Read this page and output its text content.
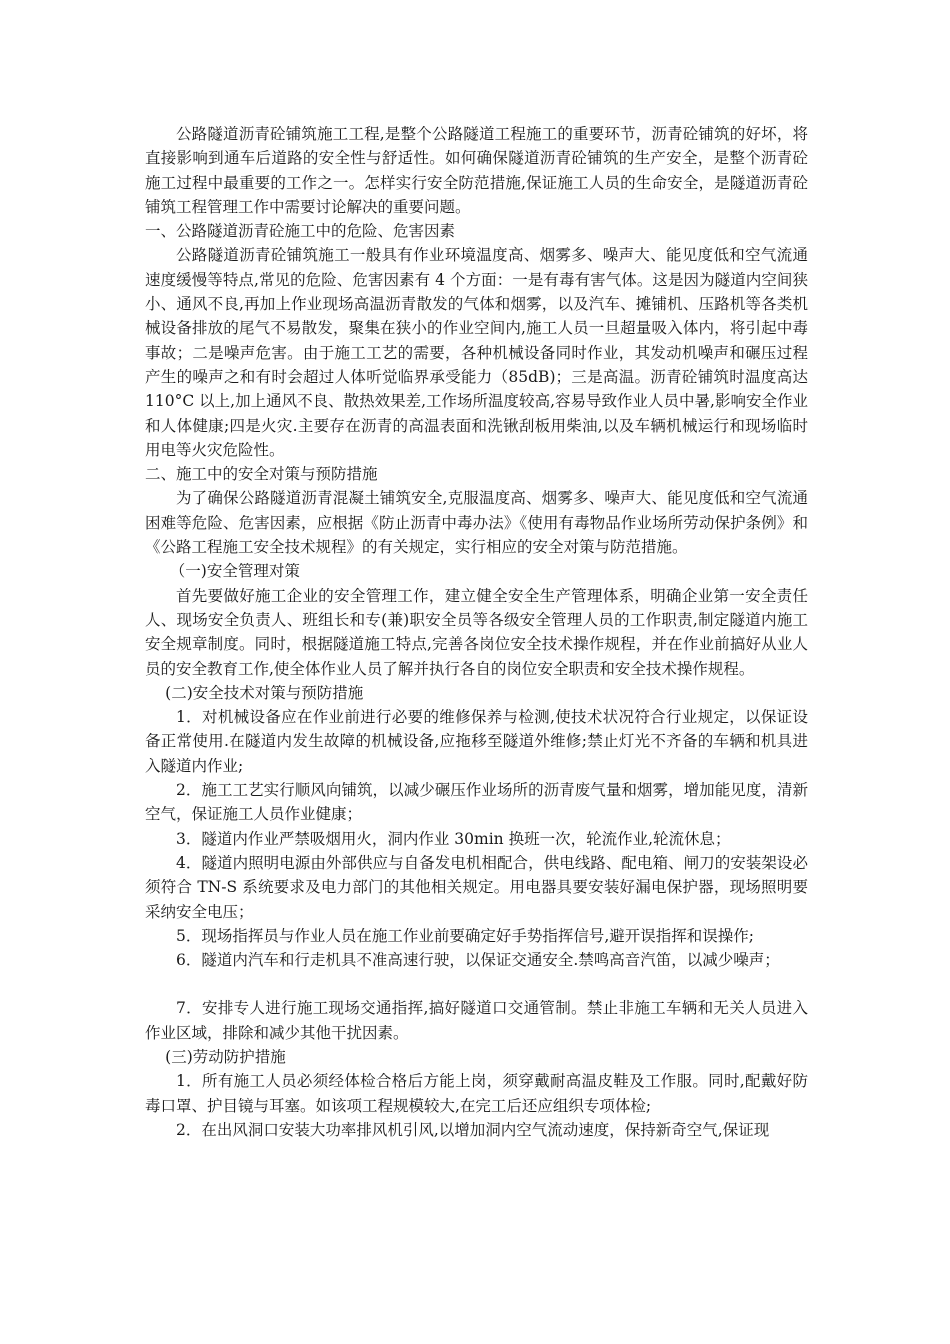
公路隧道沥青砼铺筑施工工程,是整个公路隧道工程施工的重要环节，沥青砼铺筑的好坏，将直接影响到通车后道路的安全性与舒适性。如何确保隧道沥青砼铺筑的生产安全，是整个沥青砼施工过程中最重要的工作之一。怎样实行安全防范措施,保证施工人员的生命安全，是隧道沥青砼铺筑工程管理工作中需要讨论解决的重要问题。

一、公路隧道沥青砼施工中的危险、危害因素

公路隧道沥青砼铺筑施工一般具有作业环境温度高、烟雾多、噪声大、能见度低和空气流通速度缓慢等特点,常见的危险、危害因素有 4 个方面：一是有毒有害气体。这是因为隧道内空间狭小、通风不良,再加上作业现场高温沥青散发的气体和烟雾，以及汽车、摊铺机、压路机等各类机械设备排放的尾气不易散发，聚集在狭小的作业空间内,施工人员一旦超量吸入体内，将引起中毒事故；二是噪声危害。由于施工工艺的需要，各种机械设备同时作业，其发动机噪声和碾压过程产生的噪声之和有时会超过人体听觉临界承受能力（85dB)；三是高温。沥青砼铺筑时温度高达 110°C 以上,加上通风不良、散热效果差,工作场所温度较高,容易导致作业人员中暑,影响安全作业和人体健康;四是火灾.主要存在沥青的高温表面和洗锹刮板用柴油,以及车辆机械运行和现场临时用电等火灾危险性。

二、施工中的安全对策与预防措施

为了确保公路隧道沥青混凝土铺筑安全,克服温度高、烟雾多、噪声大、能见度低和空气流通困难等危险、危害因素，应根据《防止沥青中毒办法》《使用有毒物品作业场所劳动保护条例》和《公路工程施工安全技术规程》的有关规定，实行相应的安全对策与防范措施。

（一)安全管理对策

首先要做好施工企业的安全管理工作，建立健全安全生产管理体系，明确企业第一安全责任人、现场安全负责人、班组长和专(兼)职安全员等各级安全管理人员的工作职责,制定隧道内施工安全规章制度。同时，根据隧道施工特点,完善各岗位安全技术操作规程，并在作业前搞好从业人员的安全教育工作,使全体作业人员了解并执行各自的岗位安全职责和安全技术操作规程。

(二)安全技术对策与预防措施

1．对机械设备应在作业前进行必要的维修保养与检测,使技术状况符合行业规定，以保证设备正常使用.在隧道内发生故障的机械设备,应拖移至隧道外维修;禁止灯光不齐备的车辆和机具进入隧道内作业;

2．施工工艺实行顺风向铺筑，以减少碾压作业场所的沥青废气量和烟雾，增加能见度，清新空气，保证施工人员作业健康；

3．隧道内作业严禁吸烟用火，洞内作业 30min 换班一次，轮流作业,轮流休息；

4．隧道内照明电源由外部供应与自备发电机相配合，供电线路、配电箱、闸刀的安装架设必须符合 TN-S 系统要求及电力部门的其他相关规定。用电器具要安装好漏电保护器，现场照明要采纳安全电压；

5．现场指挥员与作业人员在施工作业前要确定好手势指挥信号,避开误指挥和误操作;

6．隧道内汽车和行走机具不准高速行驶，以保证交通安全.禁鸣高音汽笛，以减少噪声；

7．安排专人进行施工现场交通指挥,搞好隧道口交通管制。禁止非施工车辆和无关人员进入作业区域，排除和减少其他干扰因素。

(三)劳动防护措施

1．所有施工人员必须经体检合格后方能上岗，须穿戴耐高温皮鞋及工作服。同时,配戴好防毒口罩、护目镜与耳塞。如该项工程规模较大,在完工后还应组织专项体检;

2．在出风洞口安装大功率排风机引风,以增加洞内空气流动速度，保持新奇空气,保证现
